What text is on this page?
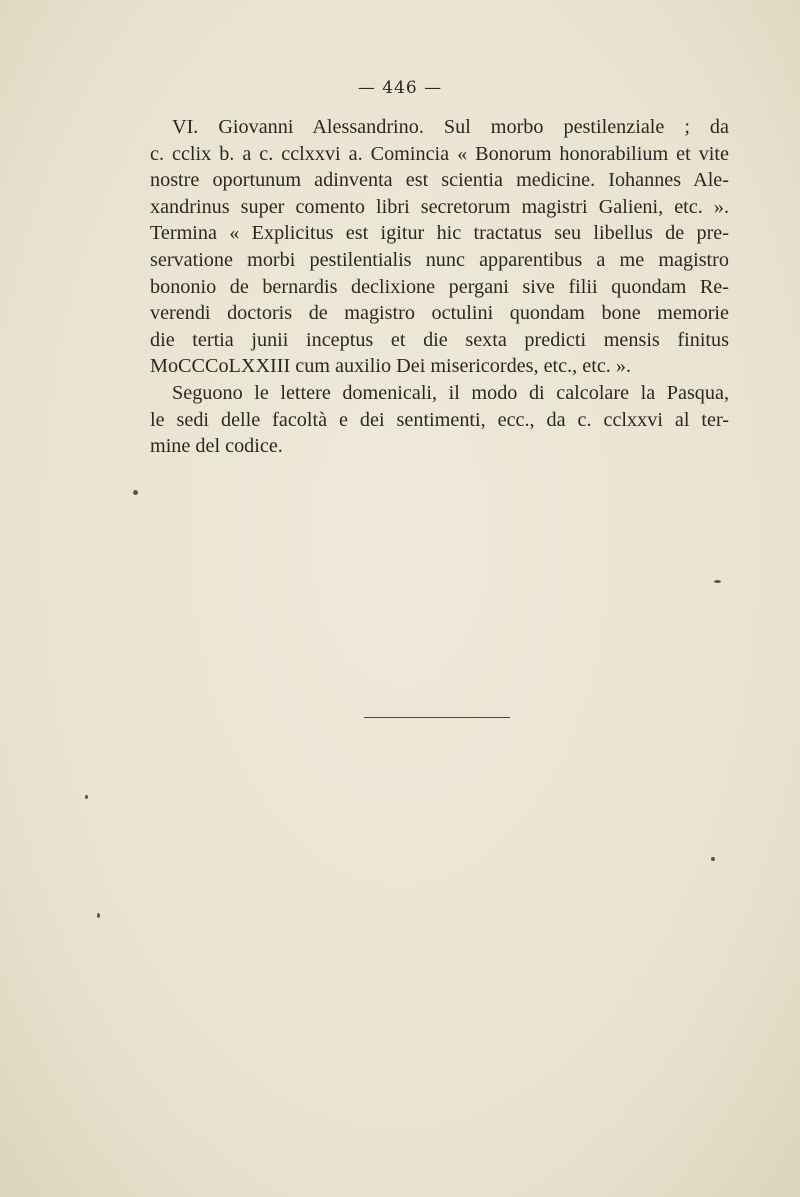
— 446 —
VI. Giovanni Alessandrino. Sul morbo pestilenziale ; da
c. cclix b. a c. cclxxvi a. Comincia « Bonorum honorabilium et vite
nostre oportunum adinventa est scientia medicine. Iohannes Ale-
xandrinus super comento libri secretorum magistri Galieni, etc. ».
Termina « Explicitus est igitur hic tractatus seu libellus de pre-
servatione morbi pestilentialis nunc apparentibus a me magistro
bononio de bernardis declixione pergani sive filii quondam Re-
verendi doctoris de magistro octulini quondam bone memorie
die tertia junii inceptus et die sexta predicti mensis finitus
MoCCCoLXXIII cum auxilio Dei misericordes, etc., etc. ».
Seguono le lettere domenicali, il modo di calcolare la Pasqua,
le sedi delle facoltà e dei sentimenti, ecc., da c. cclxxvi al ter-
mine del codice.
